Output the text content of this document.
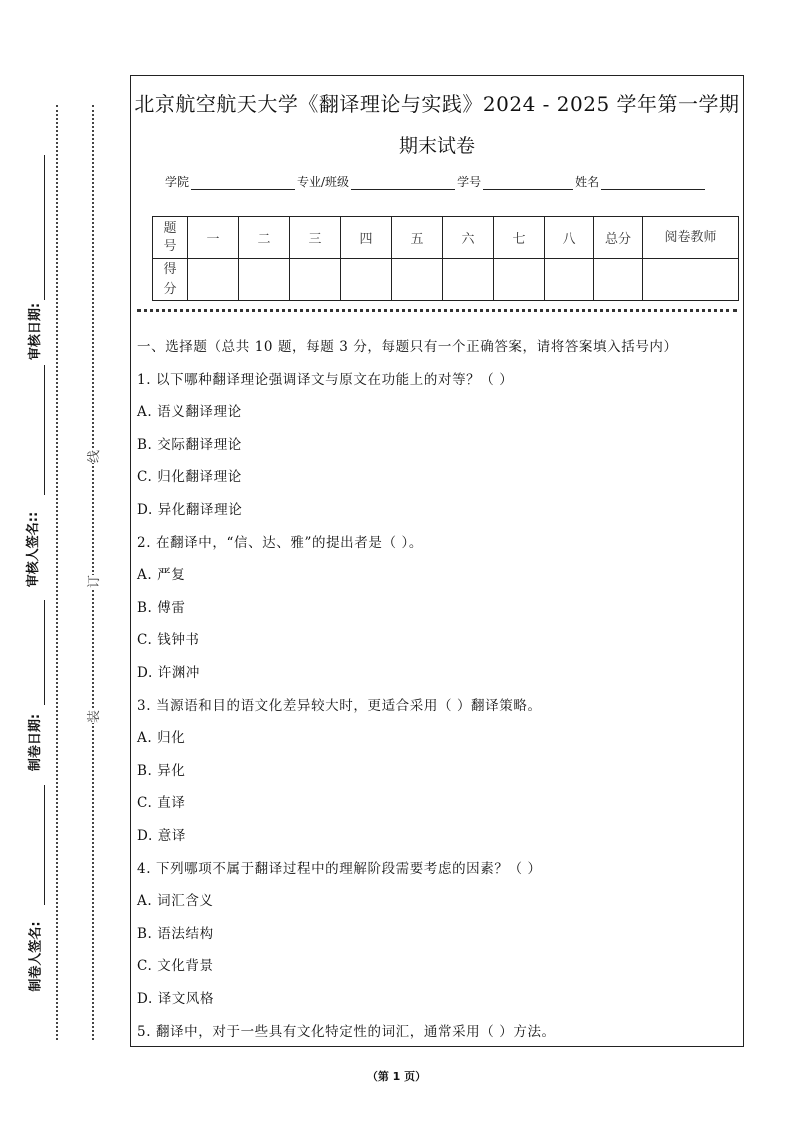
审核日期:
审核人签名::
制卷日期:
制卷人签名:
线
订
装
北京航空航天大学《翻译理论与实践》2024 - 2025 学年第一学期
期末试卷
学院	专业/班级	学号	姓名
题号	一	二	三	四	五	六	七	八	总分	阅卷教师
得分										
一、选择题（总共 10 题，每题 3 分，每题只有一个正确答案，请将答案填入括号内）
1. 以下哪种翻译理论强调译文与原文在功能上的对等？（ ）
A. 语义翻译理论
B. 交际翻译理论
C. 归化翻译理论
D. 异化翻译理论
2. 在翻译中，“信、达、雅”的提出者是（ ）。
A. 严复
B. 傅雷
C. 钱钟书
D. 许渊冲
3. 当源语和目的语文化差异较大时，更适合采用（ ）翻译策略。
A. 归化
B. 异化
C. 直译
D. 意译
4. 下列哪项不属于翻译过程中的理解阶段需要考虑的因素？（ ）
A. 词汇含义
B. 语法结构
C. 文化背景
D. 译文风格
5. 翻译中，对于一些具有文化特定性的词汇，通常采用（ ）方法。
（第 1 页）
